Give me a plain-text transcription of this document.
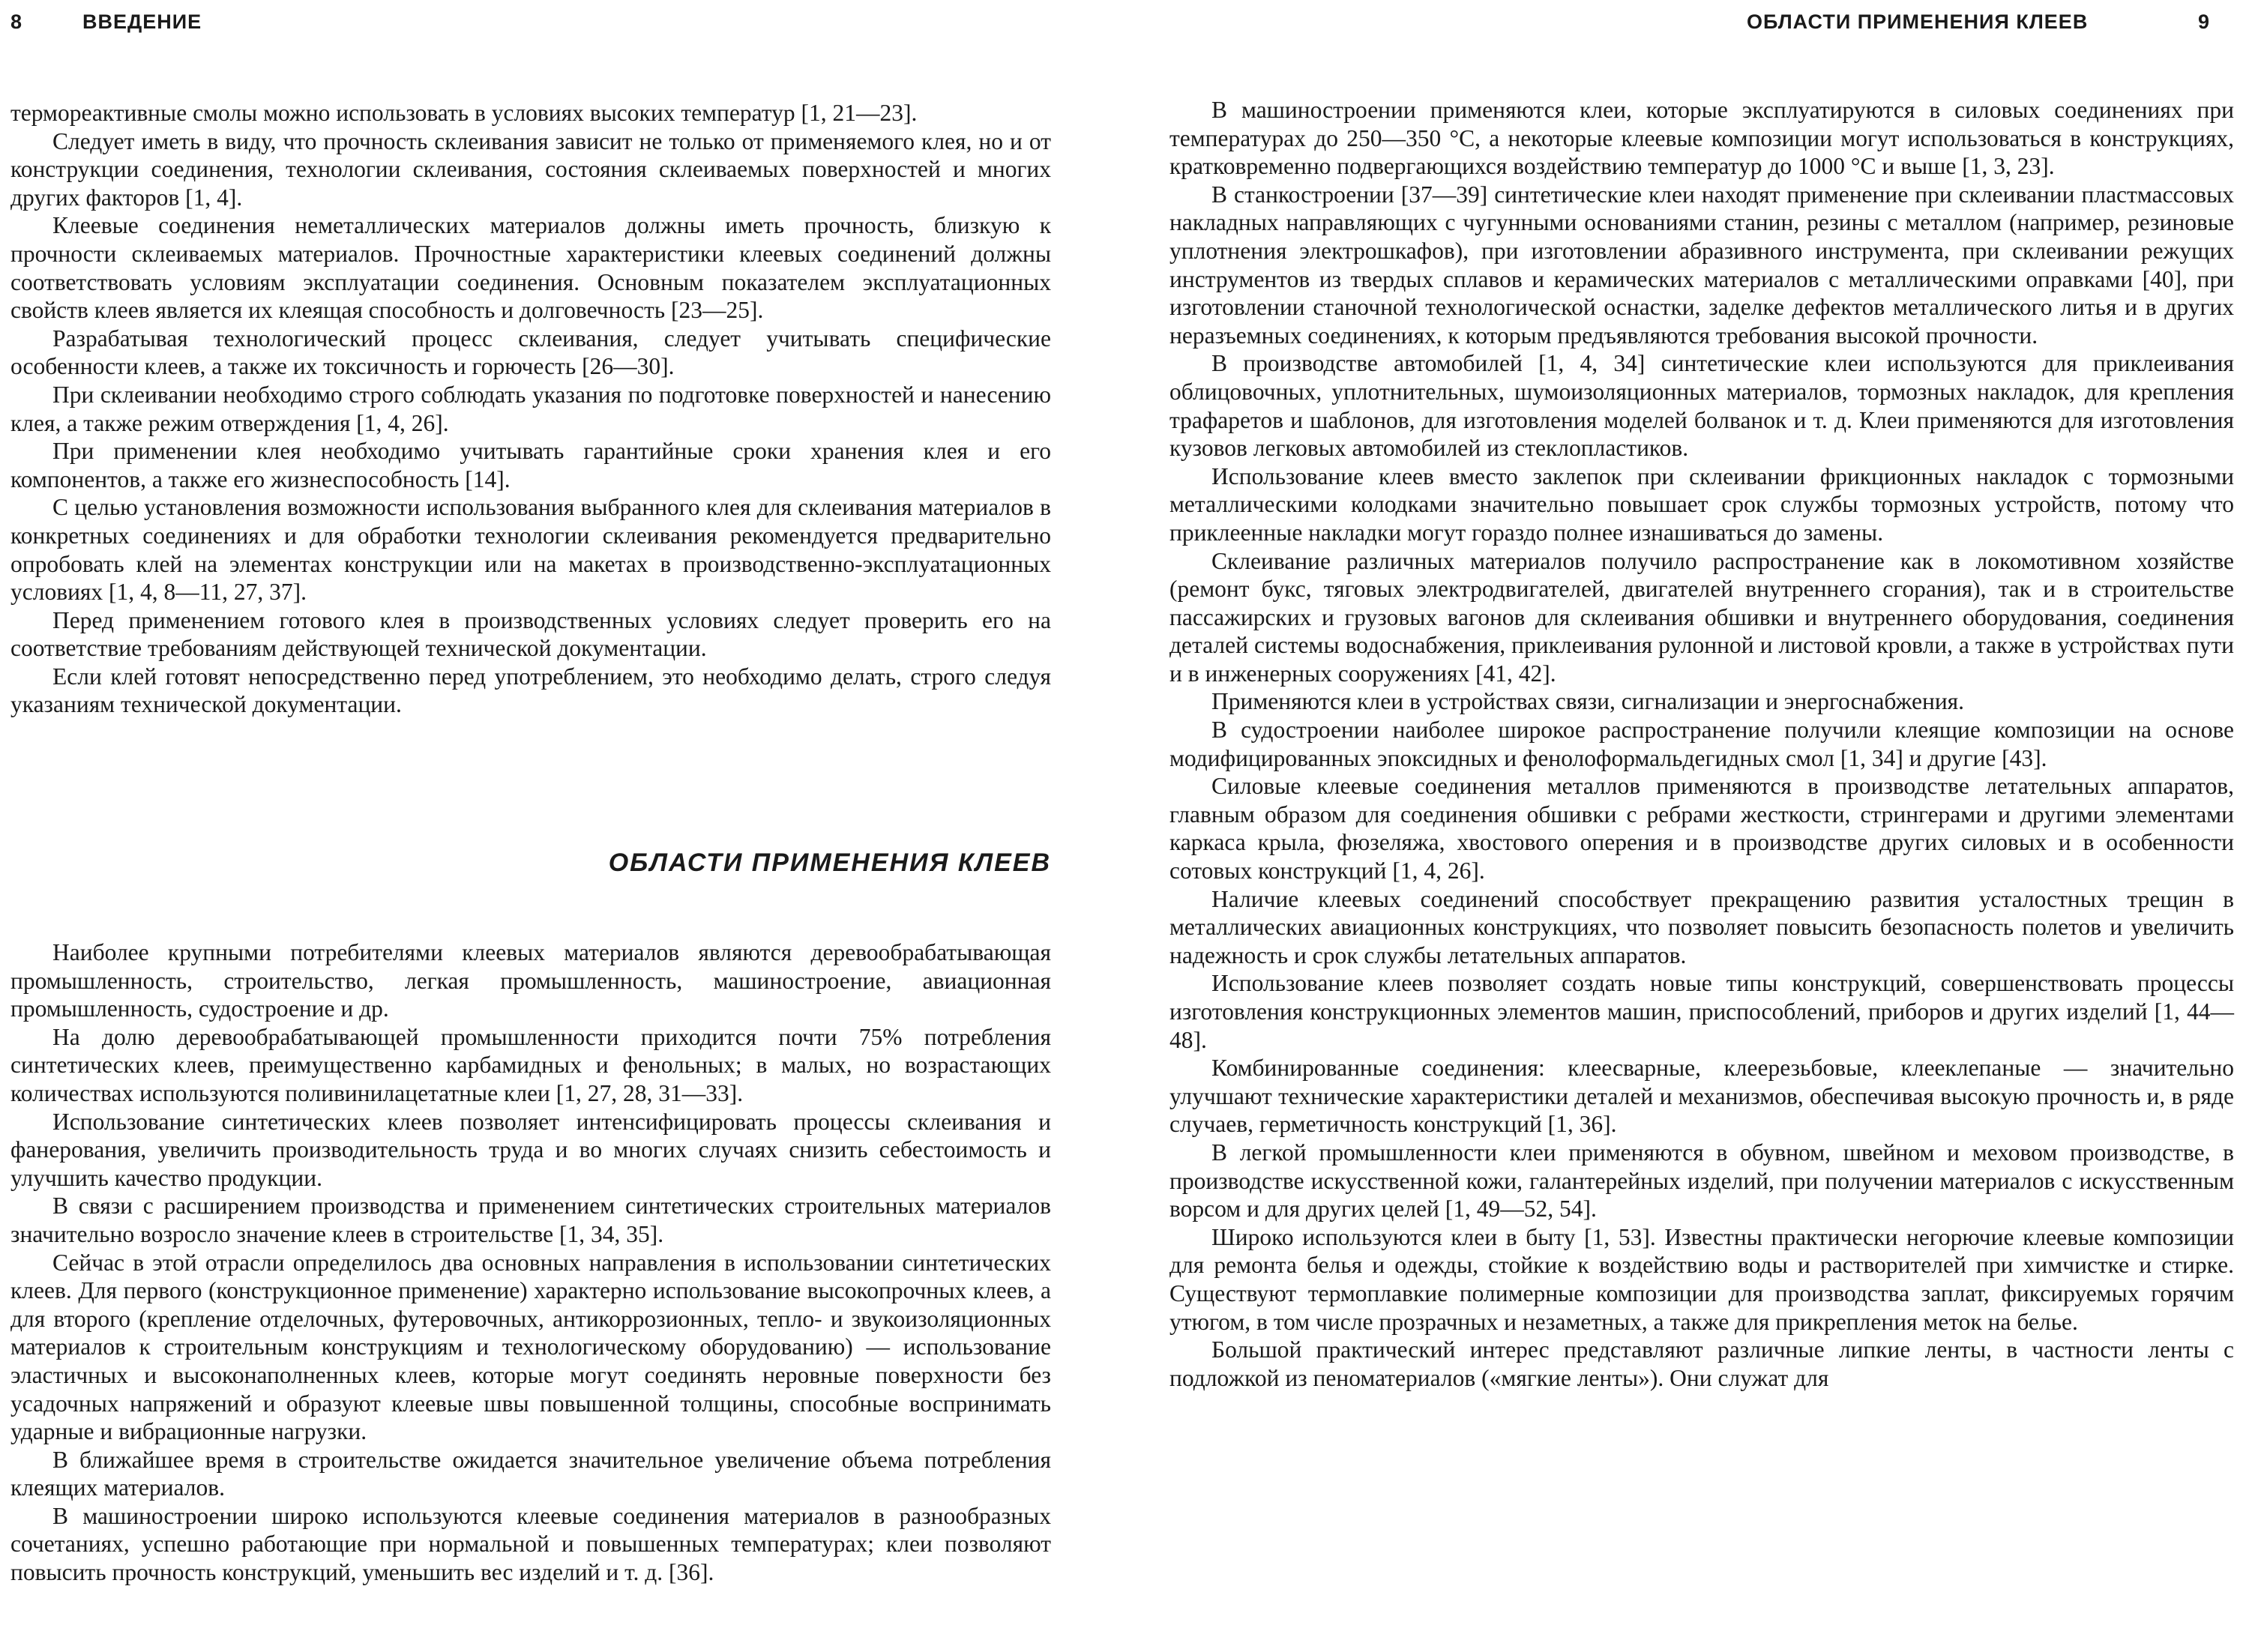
8	ВВЕДЕНИЕ

термореактивные смолы можно использовать в условиях высоких температур [1, 21—23].

Следует иметь в виду, что прочность склеивания зависит не только от применяемого клея, но и от конструкции соединения, технологии склеивания, состояния склеиваемых поверхностей и многих других факторов [1, 4].

Клеевые соединения неметаллических материалов должны иметь прочность, близкую к прочности склеиваемых материалов. Прочностные характеристики клеевых соединений должны соответствовать условиям эксплуатации соединения. Основным показателем эксплуатационных свойств клеев является их клеящая способность и долговечность [23—25].

Разрабатывая технологический процесс склеивания, следует учитывать специфические особенности клеев, а также их токсичность и горючесть [26—30].

При склеивании необходимо строго соблюдать указания по подготовке поверхностей и нанесению клея, а также режим отверждения [1, 4, 26].

При применении клея необходимо учитывать гарантийные сроки хранения клея и его компонентов, а также его жизнеспособность [14].

С целью установления возможности использования выбранного клея для склеивания материалов в конкретных соединениях и для обработки технологии склеивания рекомендуется предварительно опробовать клей на элементах конструкции или на макетах в производственно-эксплуатационных условиях [1, 4, 8—11, 27, 37].

Перед применением готового клея в производственных условиях следует проверить его на соответствие требованиям действующей технической документации.

Если клей готовят непосредственно перед употреблением, это необходимо делать, строго следуя указаниям технической документации.

ОБЛАСТИ ПРИМЕНЕНИЯ КЛЕЕВ

Наиболее крупными потребителями клеевых материалов являются деревообрабатывающая промышленность, строительство, легкая промышленность, машиностроение, авиационная промышленность, судостроение и др.

На долю деревообрабатывающей промышленности приходится почти 75% потребления синтетических клеев, преимущественно карбамидных и фенольных; в малых, но возрастающих количествах используются поливинилацетатные клеи [1, 27, 28, 31—33].

Использование синтетических клеев позволяет интенсифицировать процессы склеивания и фанерования, увеличить производительность труда и во многих случаях снизить себестоимость и улучшить качество продукции.

В связи с расширением производства и применением синтетических строительных материалов значительно возросло значение клеев в строительстве [1, 34, 35].

Сейчас в этой отрасли определилось два основных направления в использовании синтетических клеев. Для первого (конструкционное применение) характерно использование высокопрочных клеев, а для второго (крепление отделочных, футеровочных, антикоррозионных, тепло- и звукоизоляционных материалов к строительным конструкциям и технологическому оборудованию) — использование эластичных и высоконаполненных клеев, которые могут соединять неровные поверхности без усадочных напряжений и образуют клеевые швы повышенной толщины, способные воспринимать ударные и вибрационные нагрузки.

В ближайшее время в строительстве ожидается значительное увеличение объема потребления клеящих материалов.

В машиностроении широко используются клеевые соединения материалов в разнообразных сочетаниях, успешно работающие при нормальной и повышенных температурах; клеи позволяют повысить прочность конструкций, уменьшить вес изделий и т. д. [36].

ОБЛАСТИ ПРИМЕНЕНИЯ КЛЕЕВ	9

В машиностроении применяются клеи, которые эксплуатируются в силовых соединениях при температурах до 250—350 °С, а некоторые клеевые композиции могут использоваться в конструкциях, кратковременно подвергающихся воздействию температур до 1000 °С и выше [1, 3, 23].

В станкостроении [37—39] синтетические клеи находят применение при склеивании пластмассовых накладных направляющих с чугунными основаниями станин, резины с металлом (например, резиновые уплотнения электрошкафов), при изготовлении абразивного инструмента, при склеивании режущих инструментов из твердых сплавов и керамических материалов с металлическими оправками [40], при изготовлении станочной технологической оснастки, заделке дефектов металлического литья и в других неразъемных соединениях, к которым предъявляются требования высокой прочности.

В производстве автомобилей [1, 4, 34] синтетические клеи используются для приклеивания облицовочных, уплотнительных, шумоизоляционных материалов, тормозных накладок, для крепления трафаретов и шаблонов, для изготовления моделей болванок и т. д. Клеи применяются для изготовления кузовов легковых автомобилей из стеклопластиков.

Использование клеев вместо заклепок при склеивании фрикционных накладок с тормозными металлическими колодками значительно повышает срок службы тормозных устройств, потому что приклеенные накладки могут гораздо полнее изнашиваться до замены.

Склеивание различных материалов получило распространение как в локомотивном хозяйстве (ремонт букс, тяговых электродвигателей, двигателей внутреннего сгорания), так и в строительстве пассажирских и грузовых вагонов для склеивания обшивки и внутреннего оборудования, соединения деталей системы водоснабжения, приклеивания рулонной и листовой кровли, а также в устройствах пути и в инженерных сооружениях [41, 42].

Применяются клеи в устройствах связи, сигнализации и энергоснабжения.

В судостроении наиболее широкое распространение получили клеящие композиции на основе модифицированных эпоксидных и фенолоформальдегидных смол [1, 34] и другие [43].

Силовые клеевые соединения металлов применяются в производстве летательных аппаратов, главным образом для соединения обшивки с ребрами жесткости, стрингерами и другими элементами каркаса крыла, фюзеляжа, хвостового оперения и в производстве других силовых и в особенности сотовых конструкций [1, 4, 26].

Наличие клеевых соединений способствует прекращению развития усталостных трещин в металлических авиационных конструкциях, что позволяет повысить безопасность полетов и увеличить надежность и срок службы летательных аппаратов.

Использование клеев позволяет создать новые типы конструкций, совершенствовать процессы изготовления конструкционных элементов машин, приспособлений, приборов и других изделий [1, 44—48].

Комбинированные соединения: клеесварные, клеерезьбовые, клееклепаные — значительно улучшают технические характеристики деталей и механизмов, обеспечивая высокую прочность и, в ряде случаев, герметичность конструкций [1, 36].

В легкой промышленности клеи применяются в обувном, швейном и меховом производстве, в производстве искусственной кожи, галантерейных изделий, при получении материалов с искусственным ворсом и для других целей [1, 49—52, 54].

Широко используются клеи в быту [1, 53]. Известны практически негорючие клеевые композиции для ремонта белья и одежды, стойкие к воздействию воды и растворителей при химчистке и стирке. Существуют термоплавкие полимерные композиции для производства заплат, фиксируемых горячим утюгом, в том числе прозрачных и незаметных, а также для прикрепления меток на белье.

Большой практический интерес представляют различные липкие ленты, в частности ленты с подложкой из пеноматериалов («мягкие ленты»). Они служат для
